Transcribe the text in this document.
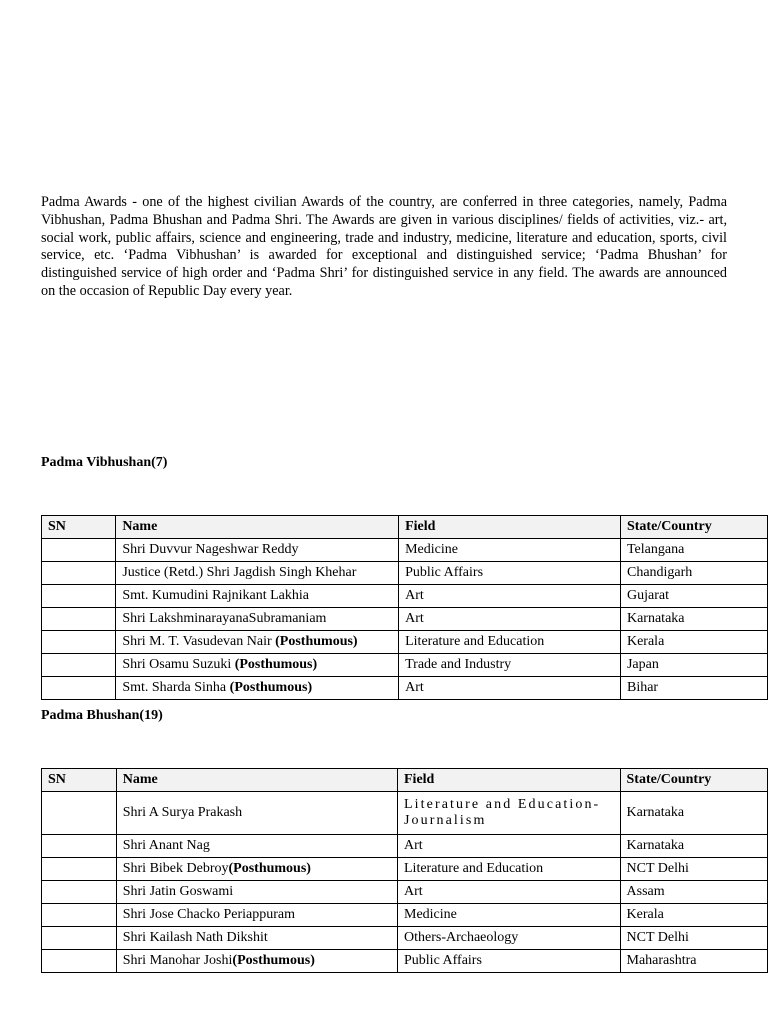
Padma Awards - one of the highest civilian Awards of the country, are conferred in three categories, namely, Padma Vibhushan, Padma Bhushan and Padma Shri. The Awards are given in various disciplines/ fields of activities, viz.- art, social work, public affairs, science and engineering, trade and industry, medicine, literature and education, sports, civil service, etc. ‘Padma Vibhushan’ is awarded for exceptional and distinguished service; ‘Padma Bhushan’ for distinguished service of high order and ‘Padma Shri’ for distinguished service in any field. The awards are announced on the occasion of Republic Day every year.

Padma Vibhushan(7)

SN	Name	Field	State/Country
	Shri Duvvur Nageshwar Reddy	Medicine	Telangana
	Justice (Retd.) Shri Jagdish Singh Khehar	Public Affairs	Chandigarh
	Smt. Kumudini Rajnikant Lakhia	Art	Gujarat
	Shri LakshminarayanaSubramaniam	Art	Karnataka
	Shri M. T. Vasudevan Nair (Posthumous)	Literature and Education	Kerala
	Shri Osamu Suzuki (Posthumous)	Trade and Industry	Japan
	Smt. Sharda Sinha (Posthumous)	Art	Bihar

Padma Bhushan(19)

SN	Name	Field	State/Country
	Shri A Surya Prakash	Literature and Education-Journalism	Karnataka
	Shri Anant Nag	Art	Karnataka
	Shri Bibek Debroy(Posthumous)	Literature and Education	NCT Delhi
	Shri Jatin Goswami	Art	Assam
	Shri Jose Chacko Periappuram	Medicine	Kerala
	Shri Kailash Nath Dikshit	Others-Archaeology	NCT Delhi
	Shri Manohar Joshi(Posthumous)	Public Affairs	Maharashtra
